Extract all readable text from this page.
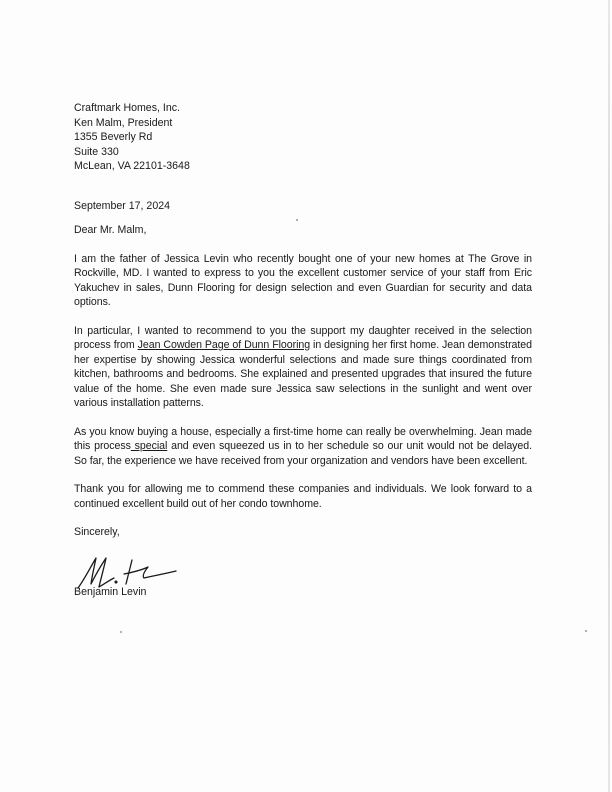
Craftmark Homes, Inc.
Ken Malm, President
1355 Beverly Rd
Suite 330
McLean, VA 22101-3648
September 17, 2024
Dear Mr. Malm,

I am the father of Jessica Levin who recently bought one of your new homes at The Grove in Rockville, MD. I wanted to express to you the excellent customer service of your staff from Eric Yakuchev in sales, Dunn Flooring for design selection and even Guardian for security and data options.

In particular, I wanted to recommend to you the support my daughter received in the selection process from Jean Cowden Page of Dunn Flooring in designing her first home. Jean demonstrated her expertise by showing Jessica wonderful selections and made sure things coordinated from kitchen, bathrooms and bedrooms. She explained and presented upgrades that insured the future value of the home. She even made sure Jessica saw selections in the sunlight and went over various installation patterns.

As you know buying a house, especially a first-time home can really be overwhelming. Jean made this process special and even squeezed us in to her schedule so our unit would not be delayed. So far, the experience we have received from your organization and vendors have been excellent.

Thank you for allowing me to commend these companies and individuals. We look forward to a continued excellent build out of her condo townhome.

Sincerely,
Benjamin Levin
